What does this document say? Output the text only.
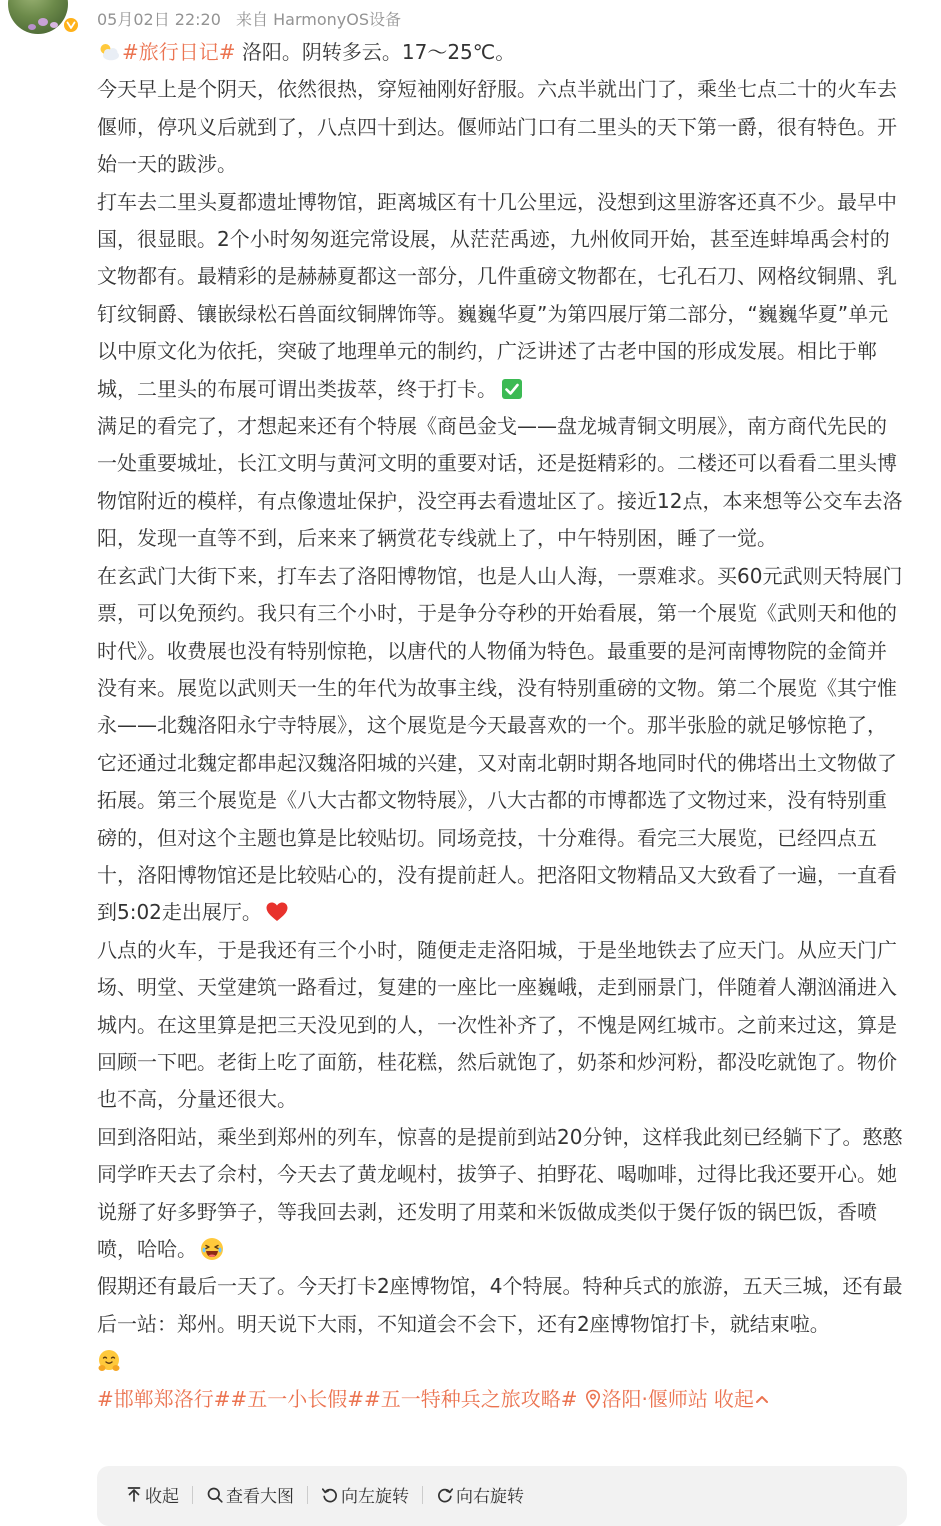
05月02日 22:20 来自 HarmonyOS设备

#旅行日记# 洛阳。阴转多云。17～25℃。

今天早上是个阴天，依然很热，穿短袖刚好舒服。六点半就出门了，乘坐七点二十的火车去偃师，停巩义后就到了，八点四十到达。偃师站门口有二里头的天下第一爵，很有特色。开始一天的跋涉。

打车去二里头夏都遗址博物馆，距离城区有十几公里远，没想到这里游客还真不少。最早中国，很显眼。2个小时匆匆逛完常设展，从茫茫禹迹，九州攸同开始，甚至连蚌埠禹会村的文物都有。最精彩的是赫赫夏都这一部分，几件重磅文物都在，七孔石刀、网格纹铜鼎、乳钉纹铜爵、镶嵌绿松石兽面纹铜牌饰等。巍巍华夏”为第四展厅第二部分，“巍巍华夏”单元以中原文化为依托，突破了地理单元的制约，广泛讲述了古老中国的形成发展。相比于郸城，二里头的布展可谓出类拔萃，终于打卡。

满足的看完了，才想起来还有个特展《商邑金戈——盘龙城青铜文明展》，南方商代先民的一处重要城址，长江文明与黄河文明的重要对话，还是挺精彩的。二楼还可以看看二里头博物馆附近的模样，有点像遗址保护，没空再去看遗址区了。接近12点，本来想等公交车去洛阳，发现一直等不到，后来来了辆赏花专线就上了，中午特别困，睡了一觉。

在玄武门大街下来，打车去了洛阳博物馆，也是人山人海，一票难求。买60元武则天特展门票，可以免预约。我只有三个小时，于是争分夺秒的开始看展，第一个展览《武则天和他的时代》。收费展也没有特别惊艳，以唐代的人物俑为特色。最重要的是河南博物院的金简并没有来。展览以武则天一生的年代为故事主线，没有特别重磅的文物。第二个展览《其宁惟永——北魏洛阳永宁寺特展》，这个展览是今天最喜欢的一个。那半张脸的就足够惊艳了，它还通过北魏定都串起汉魏洛阳城的兴建，又对南北朝时期各地同时代的佛塔出土文物做了拓展。第三个展览是《八大古都文物特展》，八大古都的市博都选了文物过来，没有特别重磅的，但对这个主题也算是比较贴切。同场竞技，十分难得。看完三大展览，已经四点五十，洛阳博物馆还是比较贴心的，没有提前赶人。把洛阳文物精品又大致看了一遍，一直看到5:02走出展厅。

八点的火车，于是我还有三个小时，随便走走洛阳城，于是坐地铁去了应天门。从应天门广场、明堂、天堂建筑一路看过，复建的一座比一座巍峨，走到丽景门，伴随着人潮汹涌进入城内。在这里算是把三天没见到的人，一次性补齐了，不愧是网红城市。之前来过这，算是回顾一下吧。老街上吃了面筋，桂花糕，然后就饱了，奶茶和炒河粉，都没吃就饱了。物价也不高，分量还很大。

回到洛阳站，乘坐到郑州的列车，惊喜的是提前到站20分钟，这样我此刻已经躺下了。憨憨同学昨天去了佘村，今天去了黄龙岘村，拔笋子、拍野花、喝咖啡，过得比我还要开心。她说掰了好多野笋子，等我回去剥，还发明了用菜和米饭做成类似于煲仔饭的锅巴饭，香喷喷，哈哈。

假期还有最后一天了。今天打卡2座博物馆，4个特展。特种兵式的旅游，五天三城，还有最后一站：郑州。明天说下大雨，不知道会不会下，还有2座博物馆打卡，就结束啦。

#邯郸郑洛行##五一小长假##五一特种兵之旅攻略# 洛阳·偃师站 收起

收起	查看大图	向左旋转	向右旋转
